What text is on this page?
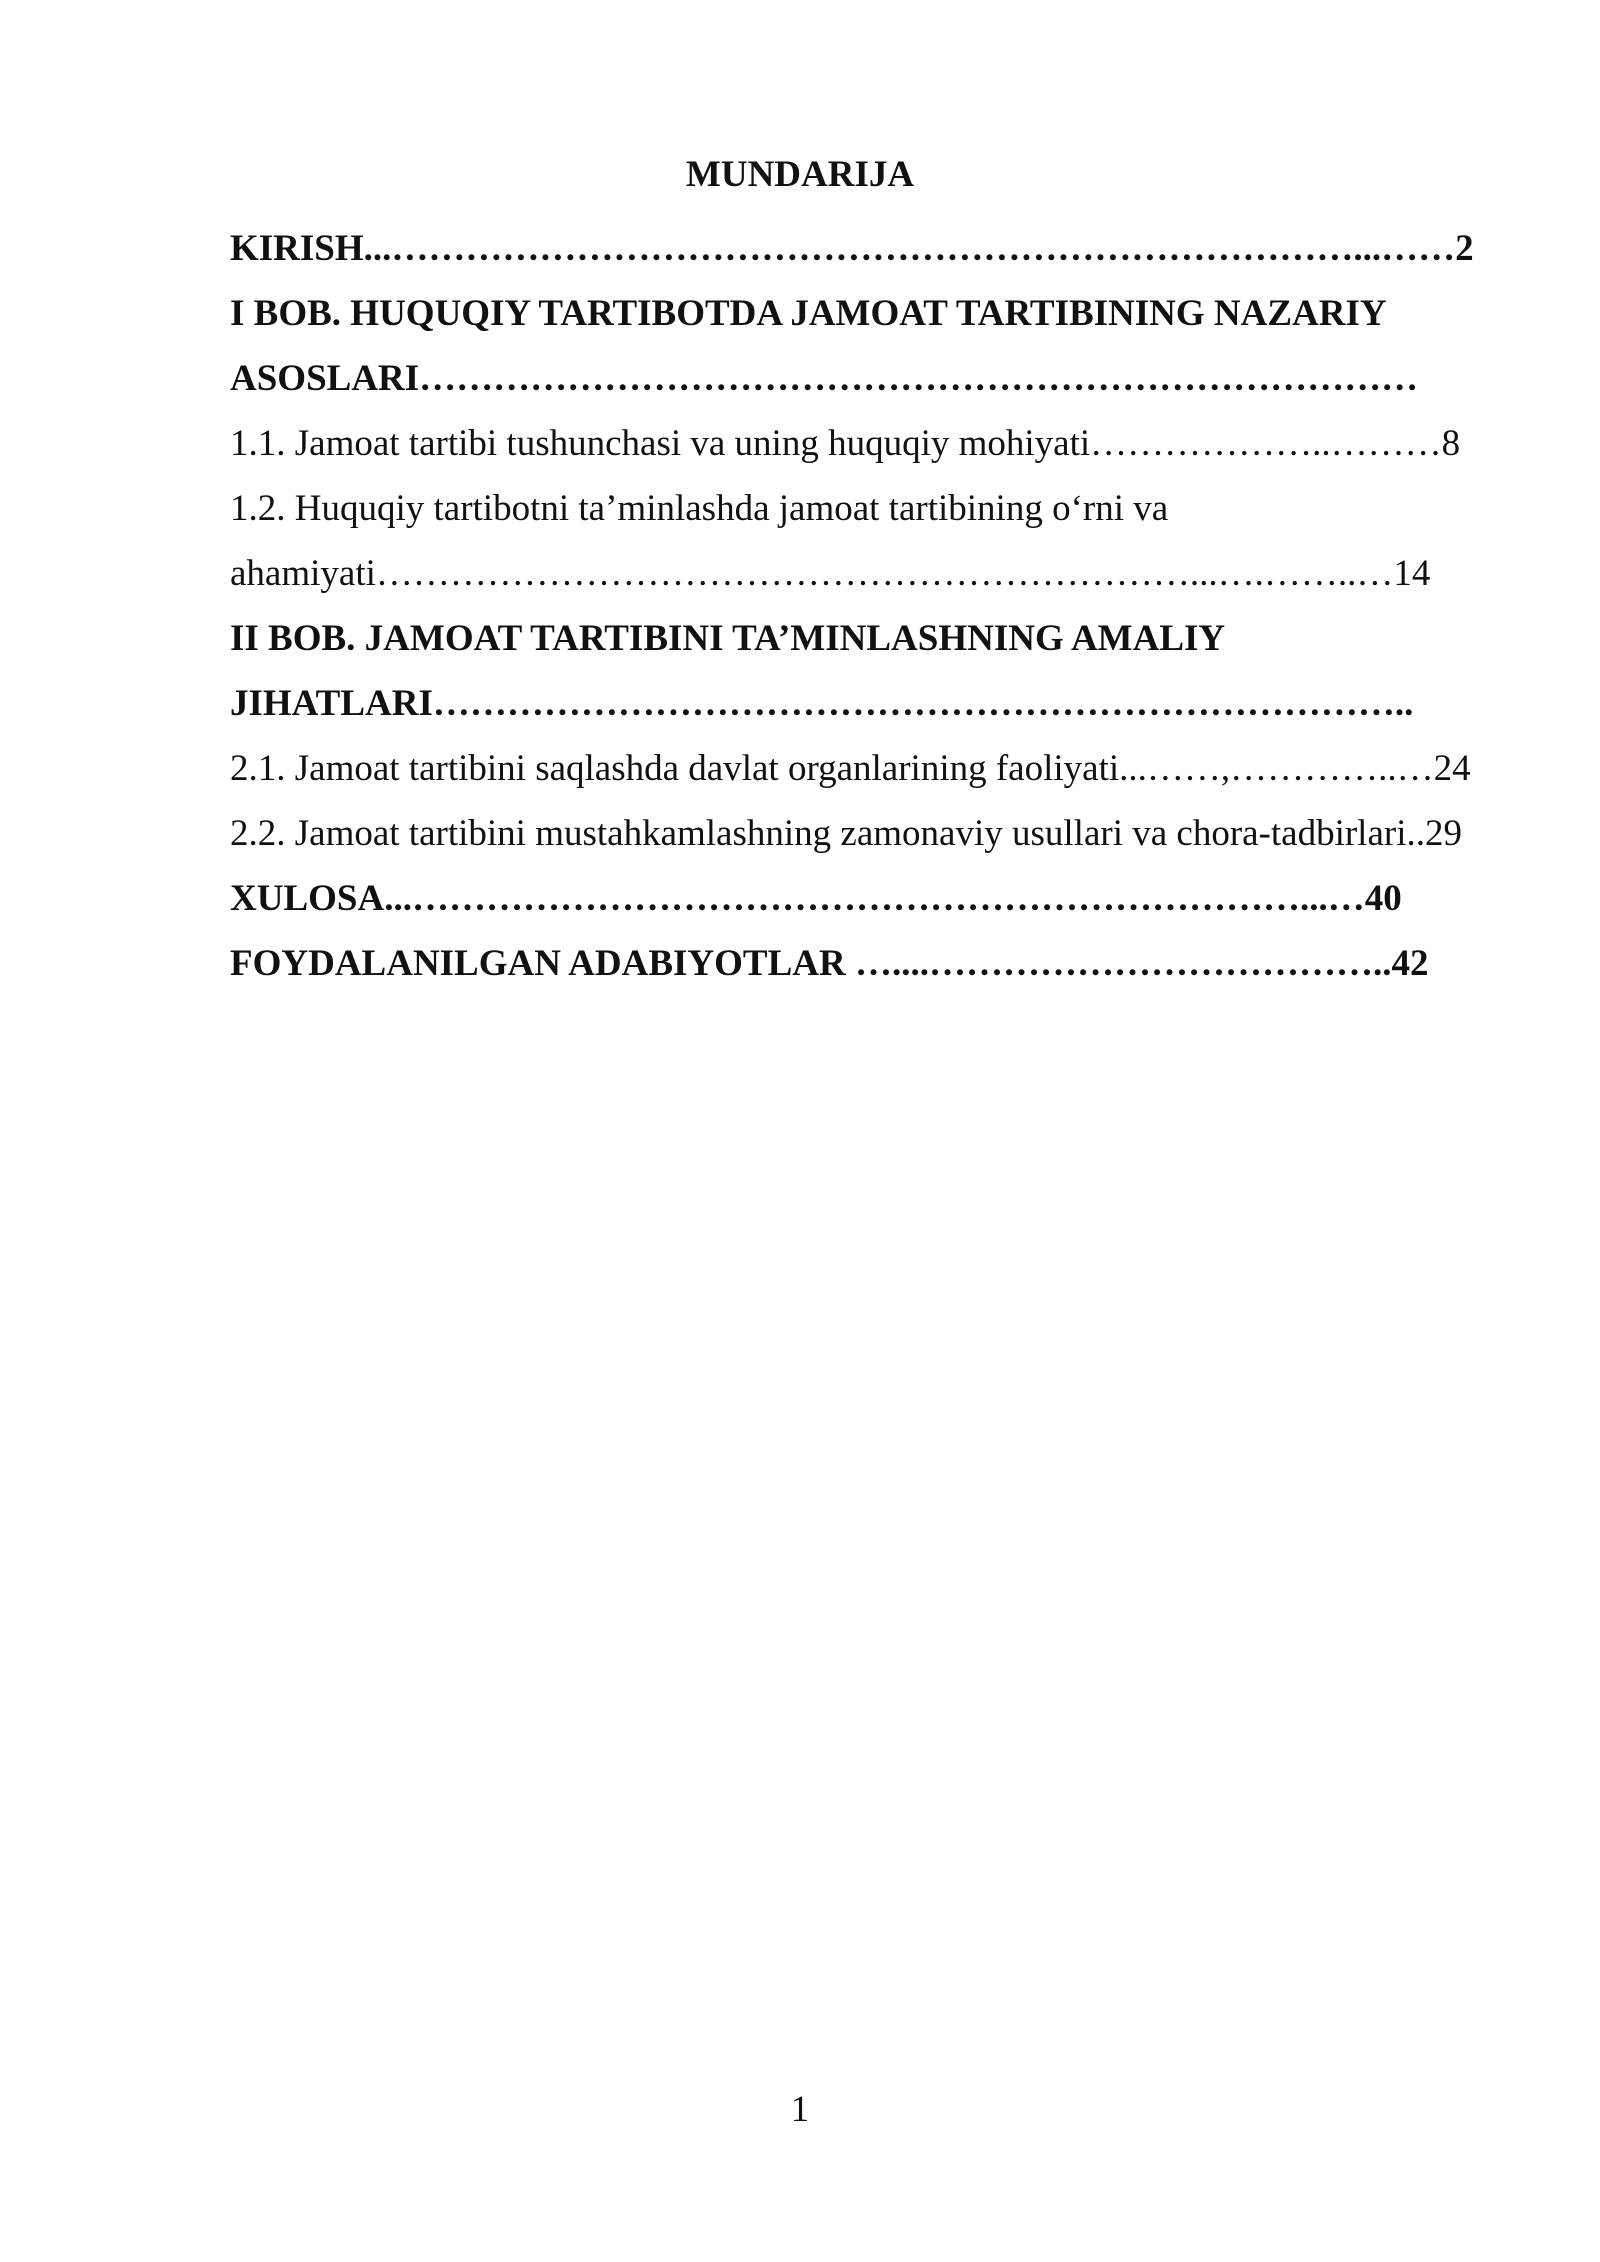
MUNDARIJA
KIRISH...……………………………………………………………………...……2
I BOB. HUQUQIY TARTIBOTDA JAMOAT TARTIBINING NAZARIY
ASOSLARI………………………………………………………………………
1.1. Jamoat tartibi tushunchasi va uning huquqiy mohiyati………………..………8
1.2. Huquqiy tartibotni ta’minlashda jamoat tartibining o‘rni va
ahamiyati…………………………………………………………...….……..…14
II BOB. JAMOAT TARTIBINI TA’MINLASHNING AMALIY
JIHATLARI……………………………………………………………………..
2.1. Jamoat tartibini saqlashda davlat organlarining faoliyati...……,…………..…24
2.2. Jamoat tartibini mustahkamlashning zamonaviy usullari va chora-tadbirlari..29
XULOSA...………………………………………………………………...…40
FOYDALANILGAN ADABIYOTLAR …....………………………………..42
1
